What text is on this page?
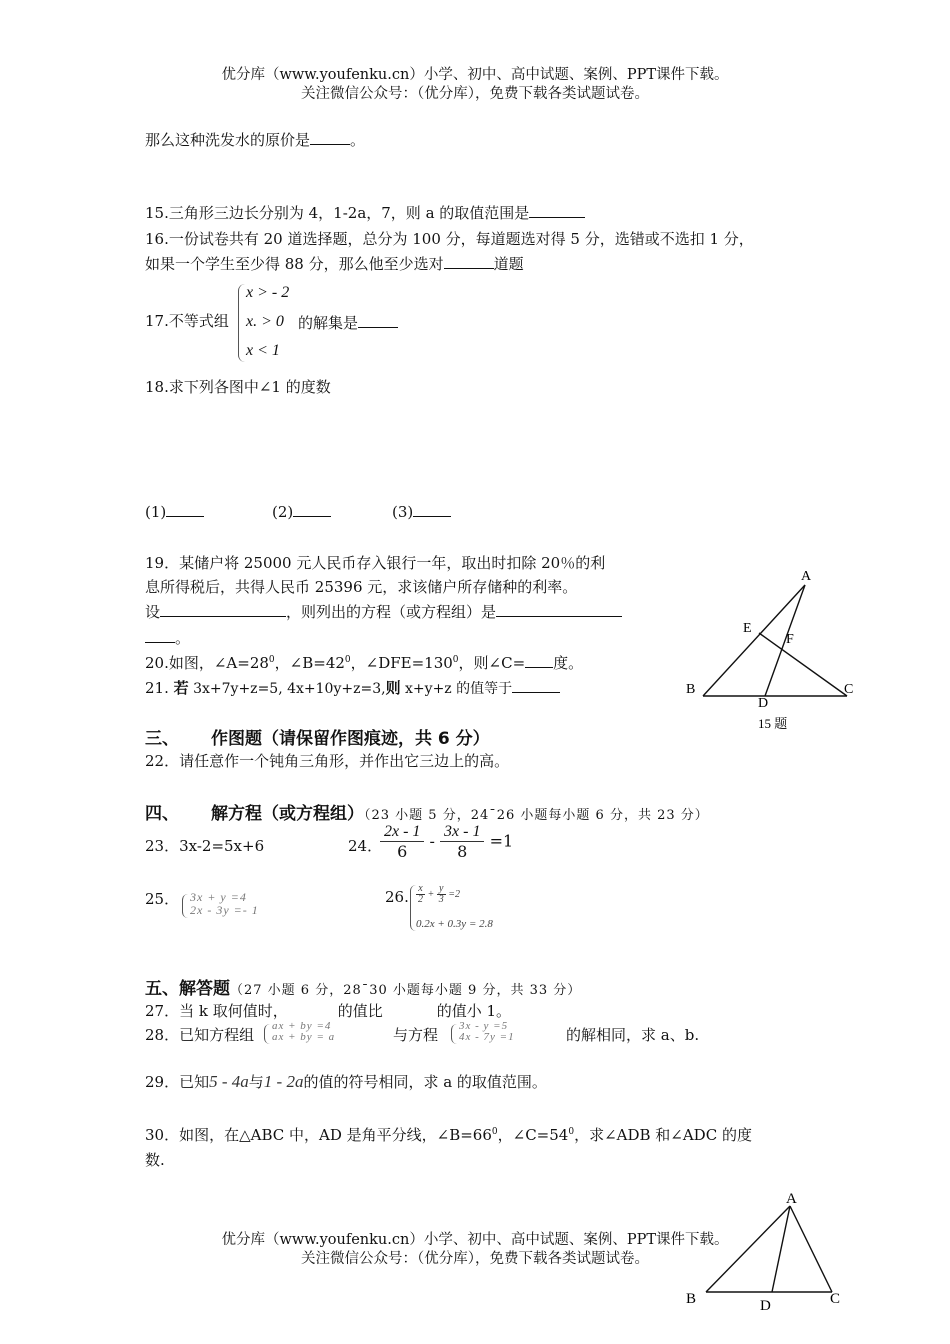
优分库（www.youfenku.cn）小学、初中、高中试题、案例、PPT课件下载。
关注微信公众号：（优分库），免费下载各类试题试卷。
那么这种洗发水的原价是	。
15.三角形三边长分别为 4，1-2a，7，则 a 的取值范围是
16.一份试卷共有 20 道选择题，总分为 100 分，每道题选对得 5 分，选错或不选扣 1 分，
如果一个学生至少得 88 分，那么他至少选对	道题
17.不等式组
x > - 2
x. > 0
x < 1
的解集是
18.求下列各图中∠1 的度数
(1)	(2)	(3)
19．某储户将 25000 元人民币存入银行一年，取出时扣除 20％的利
息所得税后，共得人民币 25396 元，求该储户所存储种的利率。
设	，则列出的方程（或方程组）是
。
20.如图，$\angle A=28^0$，$\angle B=42^0$，$\angle DFE=130^0$，则∠C= 度。
21. 若 3x+7y+z=5, 4x+10y+z=3,则 x+y+z 的值等于
A
E
F
B	C
D
15 题
三、 作图题（请保留作图痕迹，共 6 分）
22．请任意作一个钝角三角形，并作出它三边上的高。
四、 解方程（或方程组）（23 小题 5 分，24¯26 小题每小题 6 分，共 23 分）
23．3x-2=5x+6	24．
$\frac{2x - 1}{6} - \frac{3x - 1}{8} =1$
25． 3x + y =4
2x - 3y =- 1
26. $\frac{x}{2} + \frac{y}{3} =2$
0.2x + 0.3y = 2.8
五、解答题（27 小题 6 分，28¯30 小题每小题 9 分，共 33 分）
27．当 k 取何值时，	的值比	的值小 1。
28．已知方程组 ax + by =4
ax + by = a	与方程 3x - y =5
4x - 7y =1	的解相同，求 a、b.
29．已知5 - 4a与1 - 2a的值的符号相同，求 a 的取值范围。
30．如图，在△ABC 中，AD 是角平分线，$\angle B=66^0$，$\angle C=54^0$，求∠ADB 和∠ADC 的度
数.
优分库（www.youfenku.cn）小学、初中、高中试题、案例、PPT课件下载。
关注微信公众号：（优分库），免费下载各类试题试卷。
A
B	C
D
